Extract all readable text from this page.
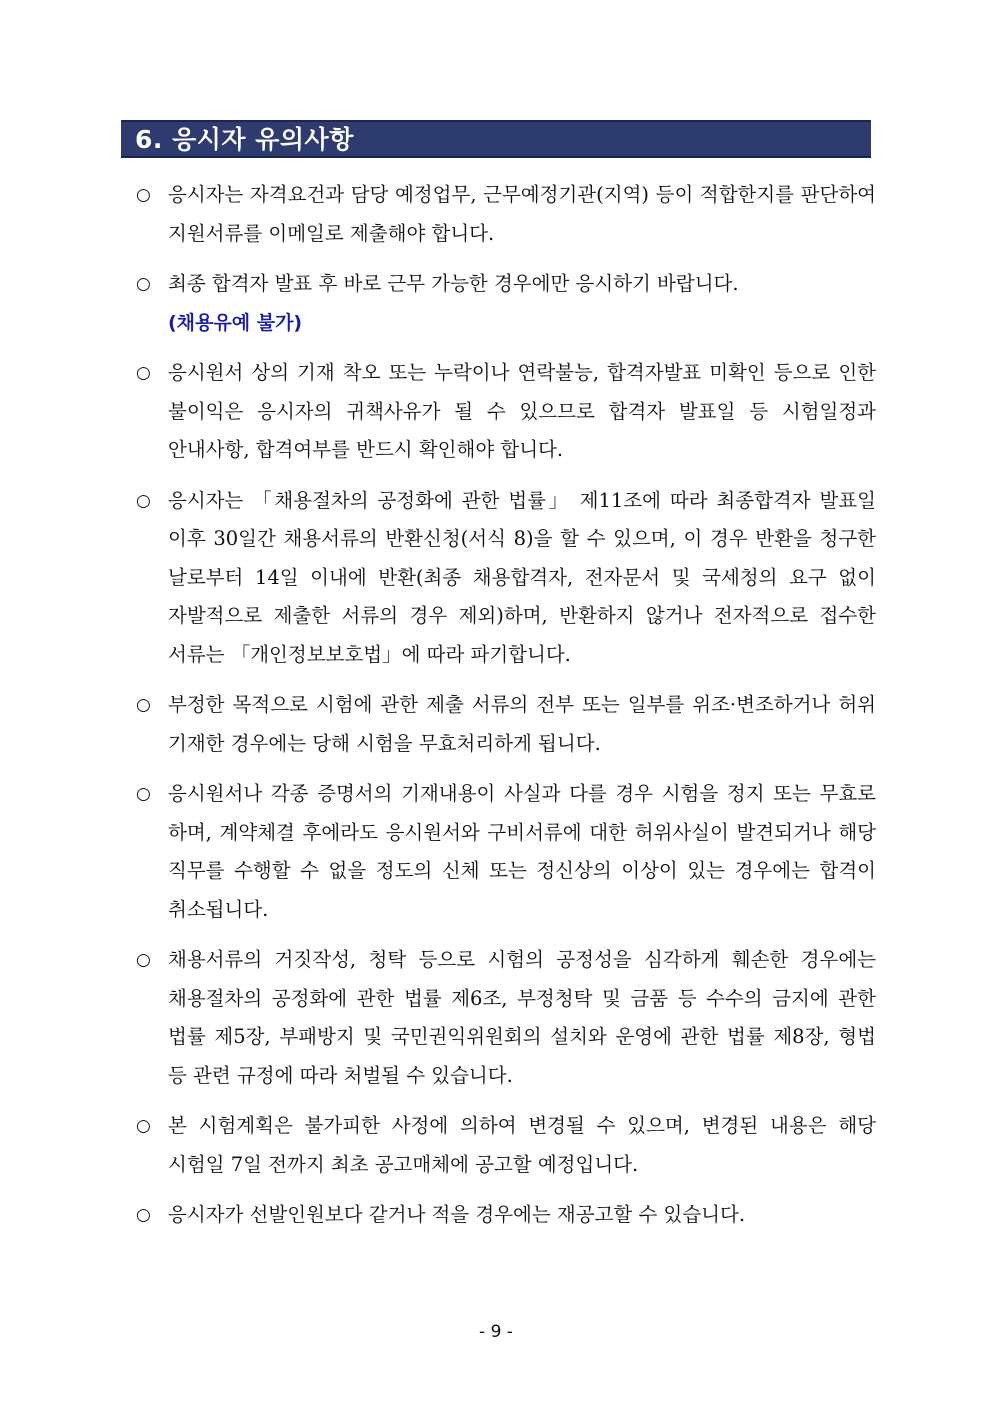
6. 응시자 유의사항
○ 응시자는 자격요건과 담당 예정업무, 근무예정기관(지역) 등이 적합한지를 판단하여 지원서류를 이메일로 제출해야 합니다.
○ 최종 합격자 발표 후 바로 근무 가능한 경우에만 응시하기 바랍니다.
(채용유예 불가)
○ 응시원서 상의 기재 착오 또는 누락이나 연락불능, 합격자발표 미확인 등으로 인한 불이익은 응시자의 귀책사유가 될 수 있으므로 합격자 발표일 등 시험일정과 안내사항, 합격여부를 반드시 확인해야 합니다.
○ 응시자는 「채용절차의 공정화에 관한 법률」 제11조에 따라 최종합격자 발표일 이후 30일간 채용서류의 반환신청(서식 8)을 할 수 있으며, 이 경우 반환을 청구한 날로부터 14일 이내에 반환(최종 채용합격자, 전자문서 및 국세청의 요구 없이 자발적으로 제출한 서류의 경우 제외)하며, 반환하지 않거나 전자적으로 접수한 서류는 「개인정보보호법」에 따라 파기합니다.
○ 부정한 목적으로 시험에 관한 제출 서류의 전부 또는 일부를 위조·변조하거나 허위 기재한 경우에는 당해 시험을 무효처리하게 됩니다.
○ 응시원서나 각종 증명서의 기재내용이 사실과 다를 경우 시험을 정지 또는 무효로 하며, 계약체결 후에라도 응시원서와 구비서류에 대한 허위사실이 발견되거나 해당 직무를 수행할 수 없을 정도의 신체 또는 정신상의 이상이 있는 경우에는 합격이 취소됩니다.
○ 채용서류의 거짓작성, 청탁 등으로 시험의 공정성을 심각하게 훼손한 경우에는 채용절차의 공정화에 관한 법률 제6조, 부정청탁 및 금품 등 수수의 금지에 관한 법률 제5장, 부패방지 및 국민권익위원회의 설치와 운영에 관한 법률 제8장, 형법 등 관련 규정에 따라 처벌될 수 있습니다.
○ 본 시험계획은 불가피한 사정에 의하여 변경될 수 있으며, 변경된 내용은 해당 시험일 7일 전까지 최초 공고매체에 공고할 예정입니다.
○ 응시자가 선발인원보다 같거나 적을 경우에는 재공고할 수 있습니다.
- 9 -
